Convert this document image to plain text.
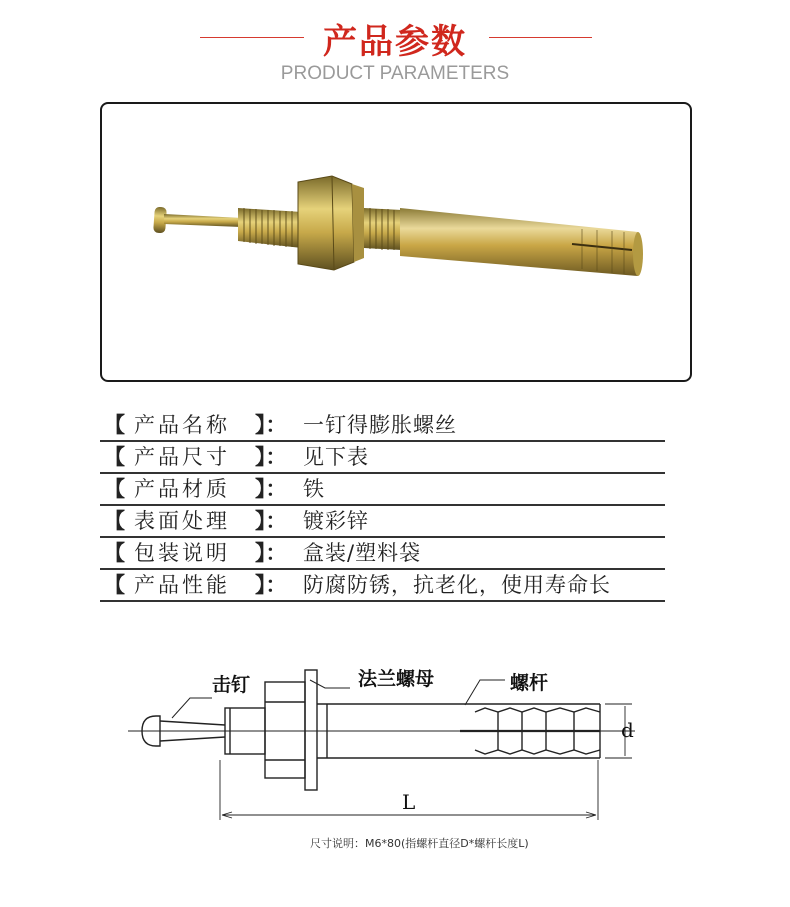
产品参数
PRODUCT PARAMETERS
【 产品名称 】： 一钉得膨胀螺丝
【 产品尺寸 】： 见下表
【 产品材质 】： 铁
【 表面处理 】： 镀彩锌
【 包装说明 】： 盒装/塑料袋
【 产品性能 】： 防腐防锈，抗老化，使用寿命长
击钉	法兰螺母	螺杆
L
d
尺寸说明：M6*80(指螺杆直径D*螺杆长度L)
